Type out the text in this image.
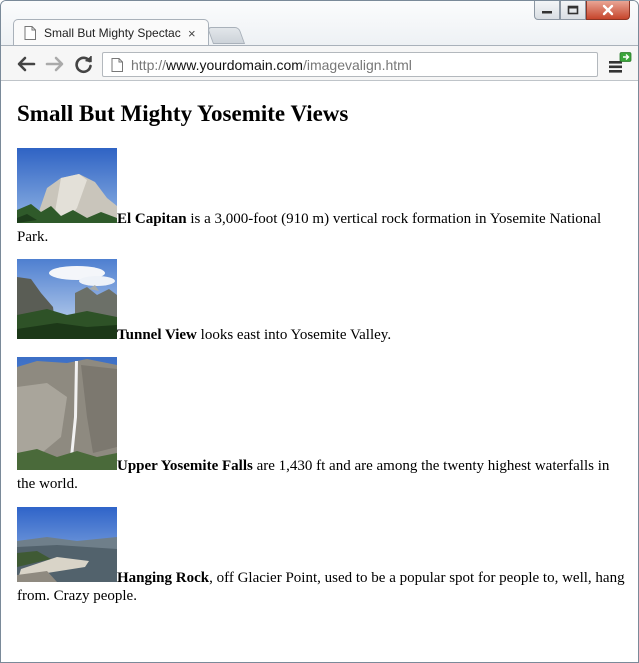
Small But Mighty Spectac ×
http://www.yourdomain.com/imagevalign.html
Small But Mighty Yosemite Views
El Capitan is a 3,000-foot (910 m) vertical rock formation in Yosemite National Park.
Tunnel View looks east into Yosemite Valley.
Upper Yosemite Falls are 1,430 ft and are among the twenty highest waterfalls in the world.
Hanging Rock, off Glacier Point, used to be a popular spot for people to, well, hang from. Crazy people.
